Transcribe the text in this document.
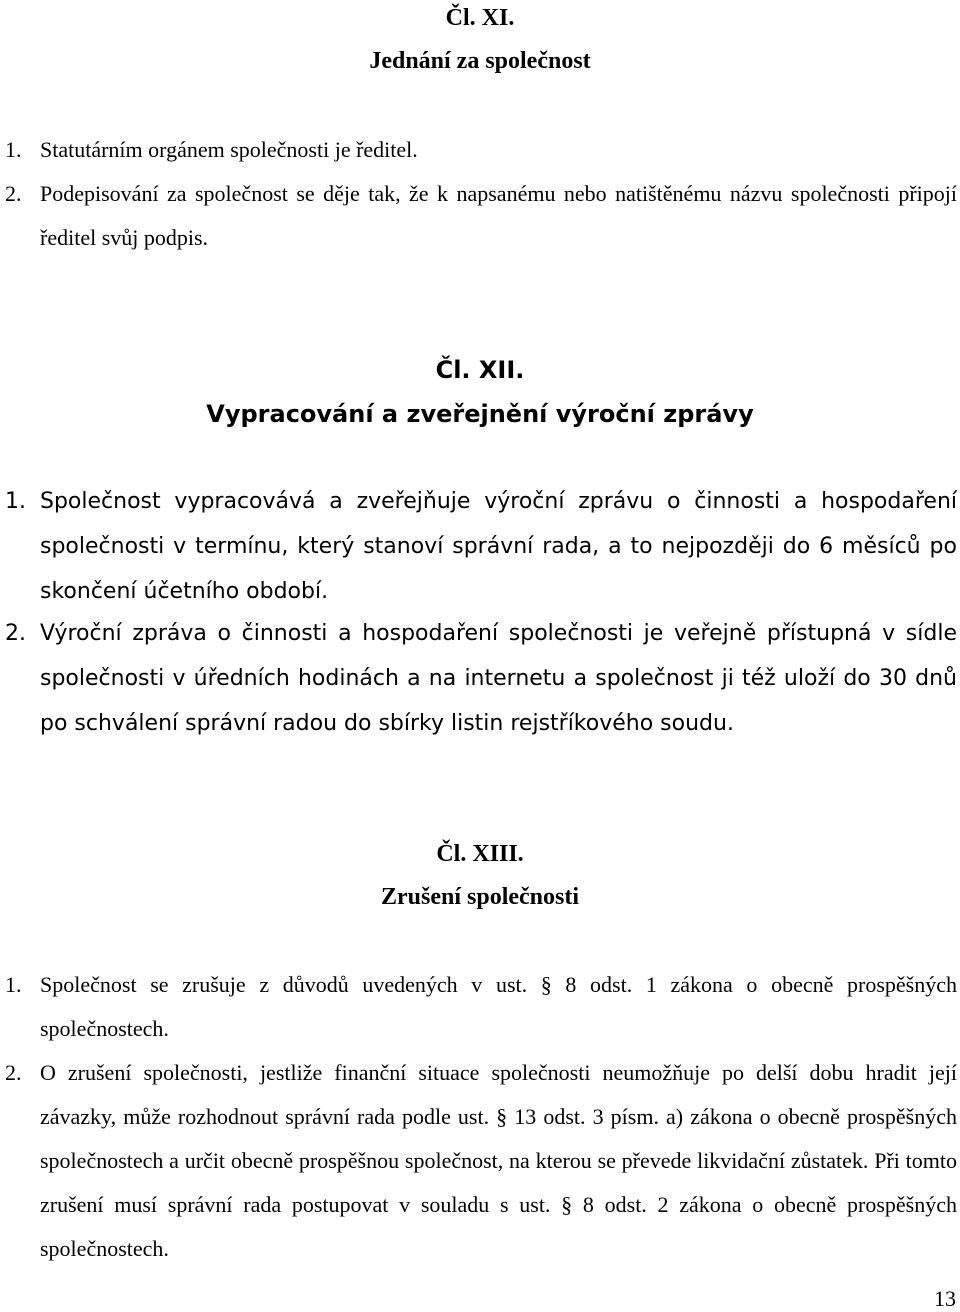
Čl. XI.
Jednání za společnost

1. Statutárním orgánem společnosti je ředitel.

2. Podepisování za společnost se děje tak, že k napsanému nebo natištěnému názvu společnosti připojí ředitel svůj podpis.

Čl. XII.
Vypracování a zveřejnění výroční zprávy

1. Společnost vypracovává a zveřejňuje výroční zprávu o činnosti a hospodaření společnosti v termínu, který stanoví správní rada, a to nejpozději do 6 měsíců po skončení účetního období.

2. Výroční zpráva o činnosti a hospodaření společnosti je veřejně přístupná v sídle společnosti v úředních hodinách a na internetu a společnost ji též uloží do 30 dnů po schválení správní radou do sbírky listin rejstříkového soudu.

Čl. XIII.
Zrušení společnosti

1. Společnost se zrušuje z důvodů uvedených v ust. § 8 odst. 1 zákona o obecně prospěšných společnostech.

2. O zrušení společnosti, jestliže finanční situace společnosti neumožňuje po delší dobu hradit její závazky, může rozhodnout správní rada podle ust. § 13 odst. 3 písm. a) zákona o obecně prospěšných společnostech a určit obecně prospěšnou společnost, na kterou se převede likvidační zůstatek. Při tomto zrušení musí správní rada postupovat v souladu s ust. § 8 odst. 2 zákona o obecně prospěšných společnostech.

13
